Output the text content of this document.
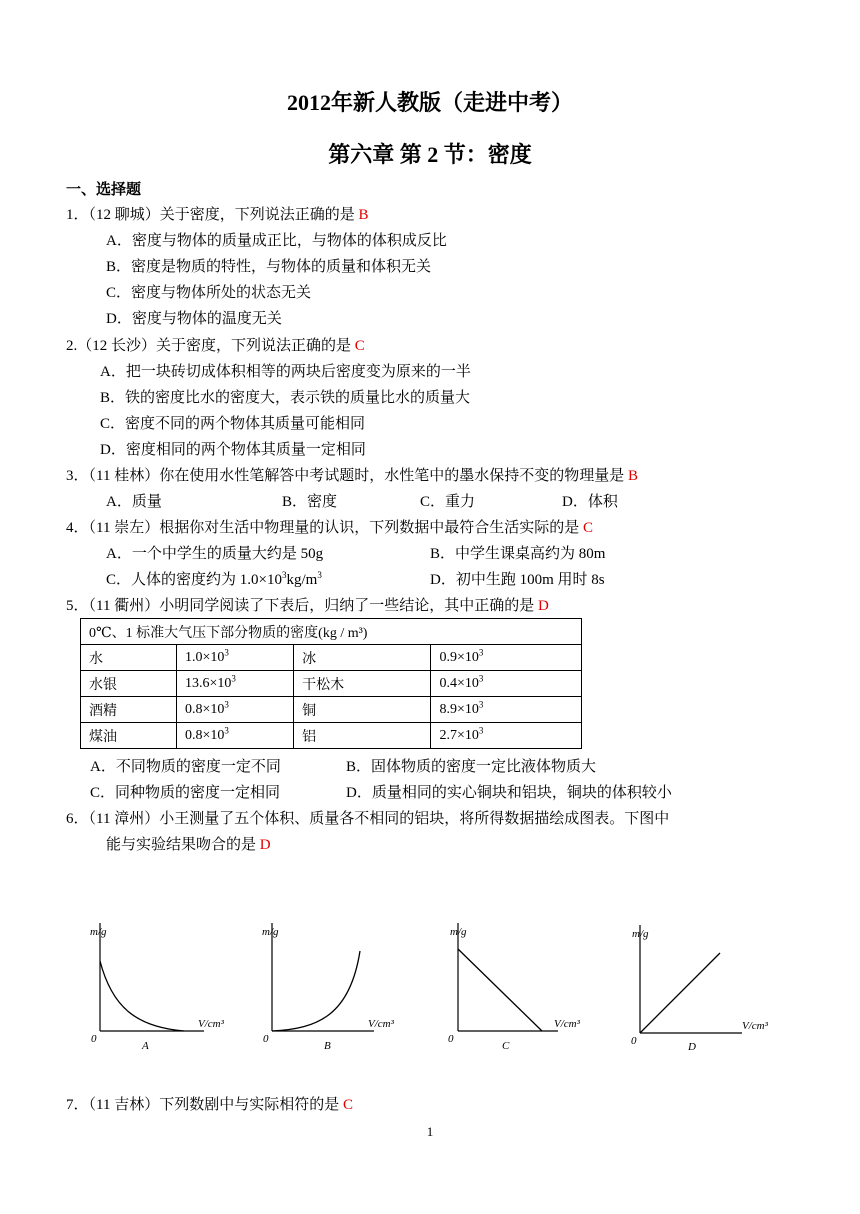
2012年新人教版（走进中考）
第六章 第 2 节：密度
一、选择题
1．（12 聊城）关于密度，下列说法正确的是 B
A．密度与物体的质量成正比，与物体的体积成反比
B．密度是物质的特性，与物体的质量和体积无关
C．密度与物体所处的状态无关
D．密度与物体的温度无关
2.（12 长沙）关于密度，下列说法正确的是 C
A．把一块砖切成体积相等的两块后密度变为原来的一半
B．铁的密度比水的密度大，表示铁的质量比水的质量大
C．密度不同的两个物体其质量可能相同
D．密度相同的两个物体其质量一定相同
3．（11 桂林）你在使用水性笔解答中考试题时，水性笔中的墨水保持不变的物理量是 B
A．质量	B．密度	C．重力	D．体积
4．（11 崇左）根据你对生活中物理量的认识，下列数据中最符合生活实际的是 C
A．一个中学生的质量大约是 50g	B．中学生课桌高约为 80m
C．人体的密度约为 $1.0\times 10^3kg/m^3$	D．初中生跑 100m 用时 8s
5．（11 衢州）小明同学阅读了下表后，归纳了一些结论，其中正确的是 D
0℃、1 标准大气压下部分物质的密度(kg / m³)			
水	$1.0\times 10^3$	冰	$0.9\times 10^3$
水银	$13.6\times 10^3$	干松木	$0.4\times 10^3$
酒精	$0.8\times 10^3$	铜	$8.9\times 10^3$
煤油	$0.8\times 10^3$	铝	$2.7\times 10^3$
A．不同物质的密度一定不同	B．固体物质的密度一定比液体物质大
C．同种物质的密度一定相同	D．质量相同的实心铜块和铝块，铜块的体积较小
6．（11 漳州）小王测量了五个体积、质量各不相同的铝块，将所得数据描绘成图表。下图中
能与实验结果吻合的是 D
m/g
V/cm³
0
A
m/g
V/cm³
0
B
m/g
V/cm³
0
C
m/g
V/cm³
0	D
7．（11 吉林）下列数剧中与实际相符的是 C
1
